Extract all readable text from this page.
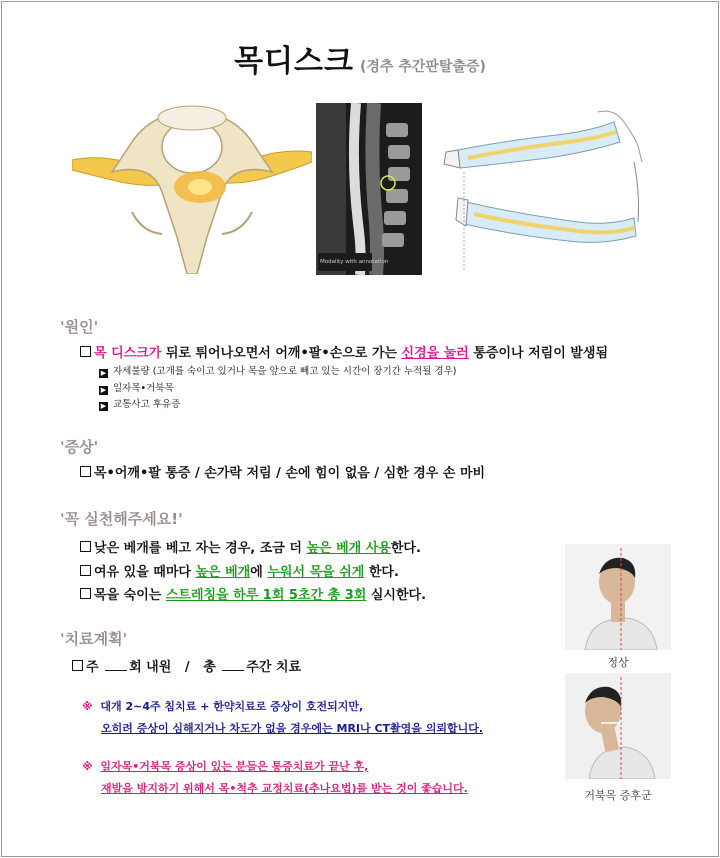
목디스크 (경추 추간판탈출증)
Modality with annotation
'원인'
목 디스크가 뒤로 튀어나오면서 어깨•팔•손으로 가는 신경을 눌러 통증이나 저림이 발생됨
▶ 자세불량 (고개를 숙이고 있거나 목을 앞으로 빼고 있는 시간이 장기간 누적될 경우)
▶ 일자목•거북목
▶ 교통사고 후유증
'증상'
목•어깨•팔 통증 / 손가락 저림 / 손에 힘이 없음 / 심한 경우 손 마비
'꼭 실천해주세요!'
낮은 베개를 베고 자는 경우, 조금 더 높은 베개 사용한다.
여유 있을 때마다 높은 베개에 누워서 목을 쉬게 한다.
목을 숙이는 스트레칭을 하루 1회 5초간 총 3회 실시한다.
'치료계획'
주 회 내원 / 총 주간 치료
※ 대개 2~4주 침치료 + 한약치료로 증상이 호전되지만,
오히려 증상이 심해지거나 차도가 없을 경우에는 MRI나 CT촬영을 의뢰합니다.
※ 일자목•거북목 증상이 있는 분들은 통증치료가 끝난 후,
재발을 방지하기 위해서 목•척추 교정치료(추나요법)를 받는 것이 좋습니다.
정상
거북목 증후군
